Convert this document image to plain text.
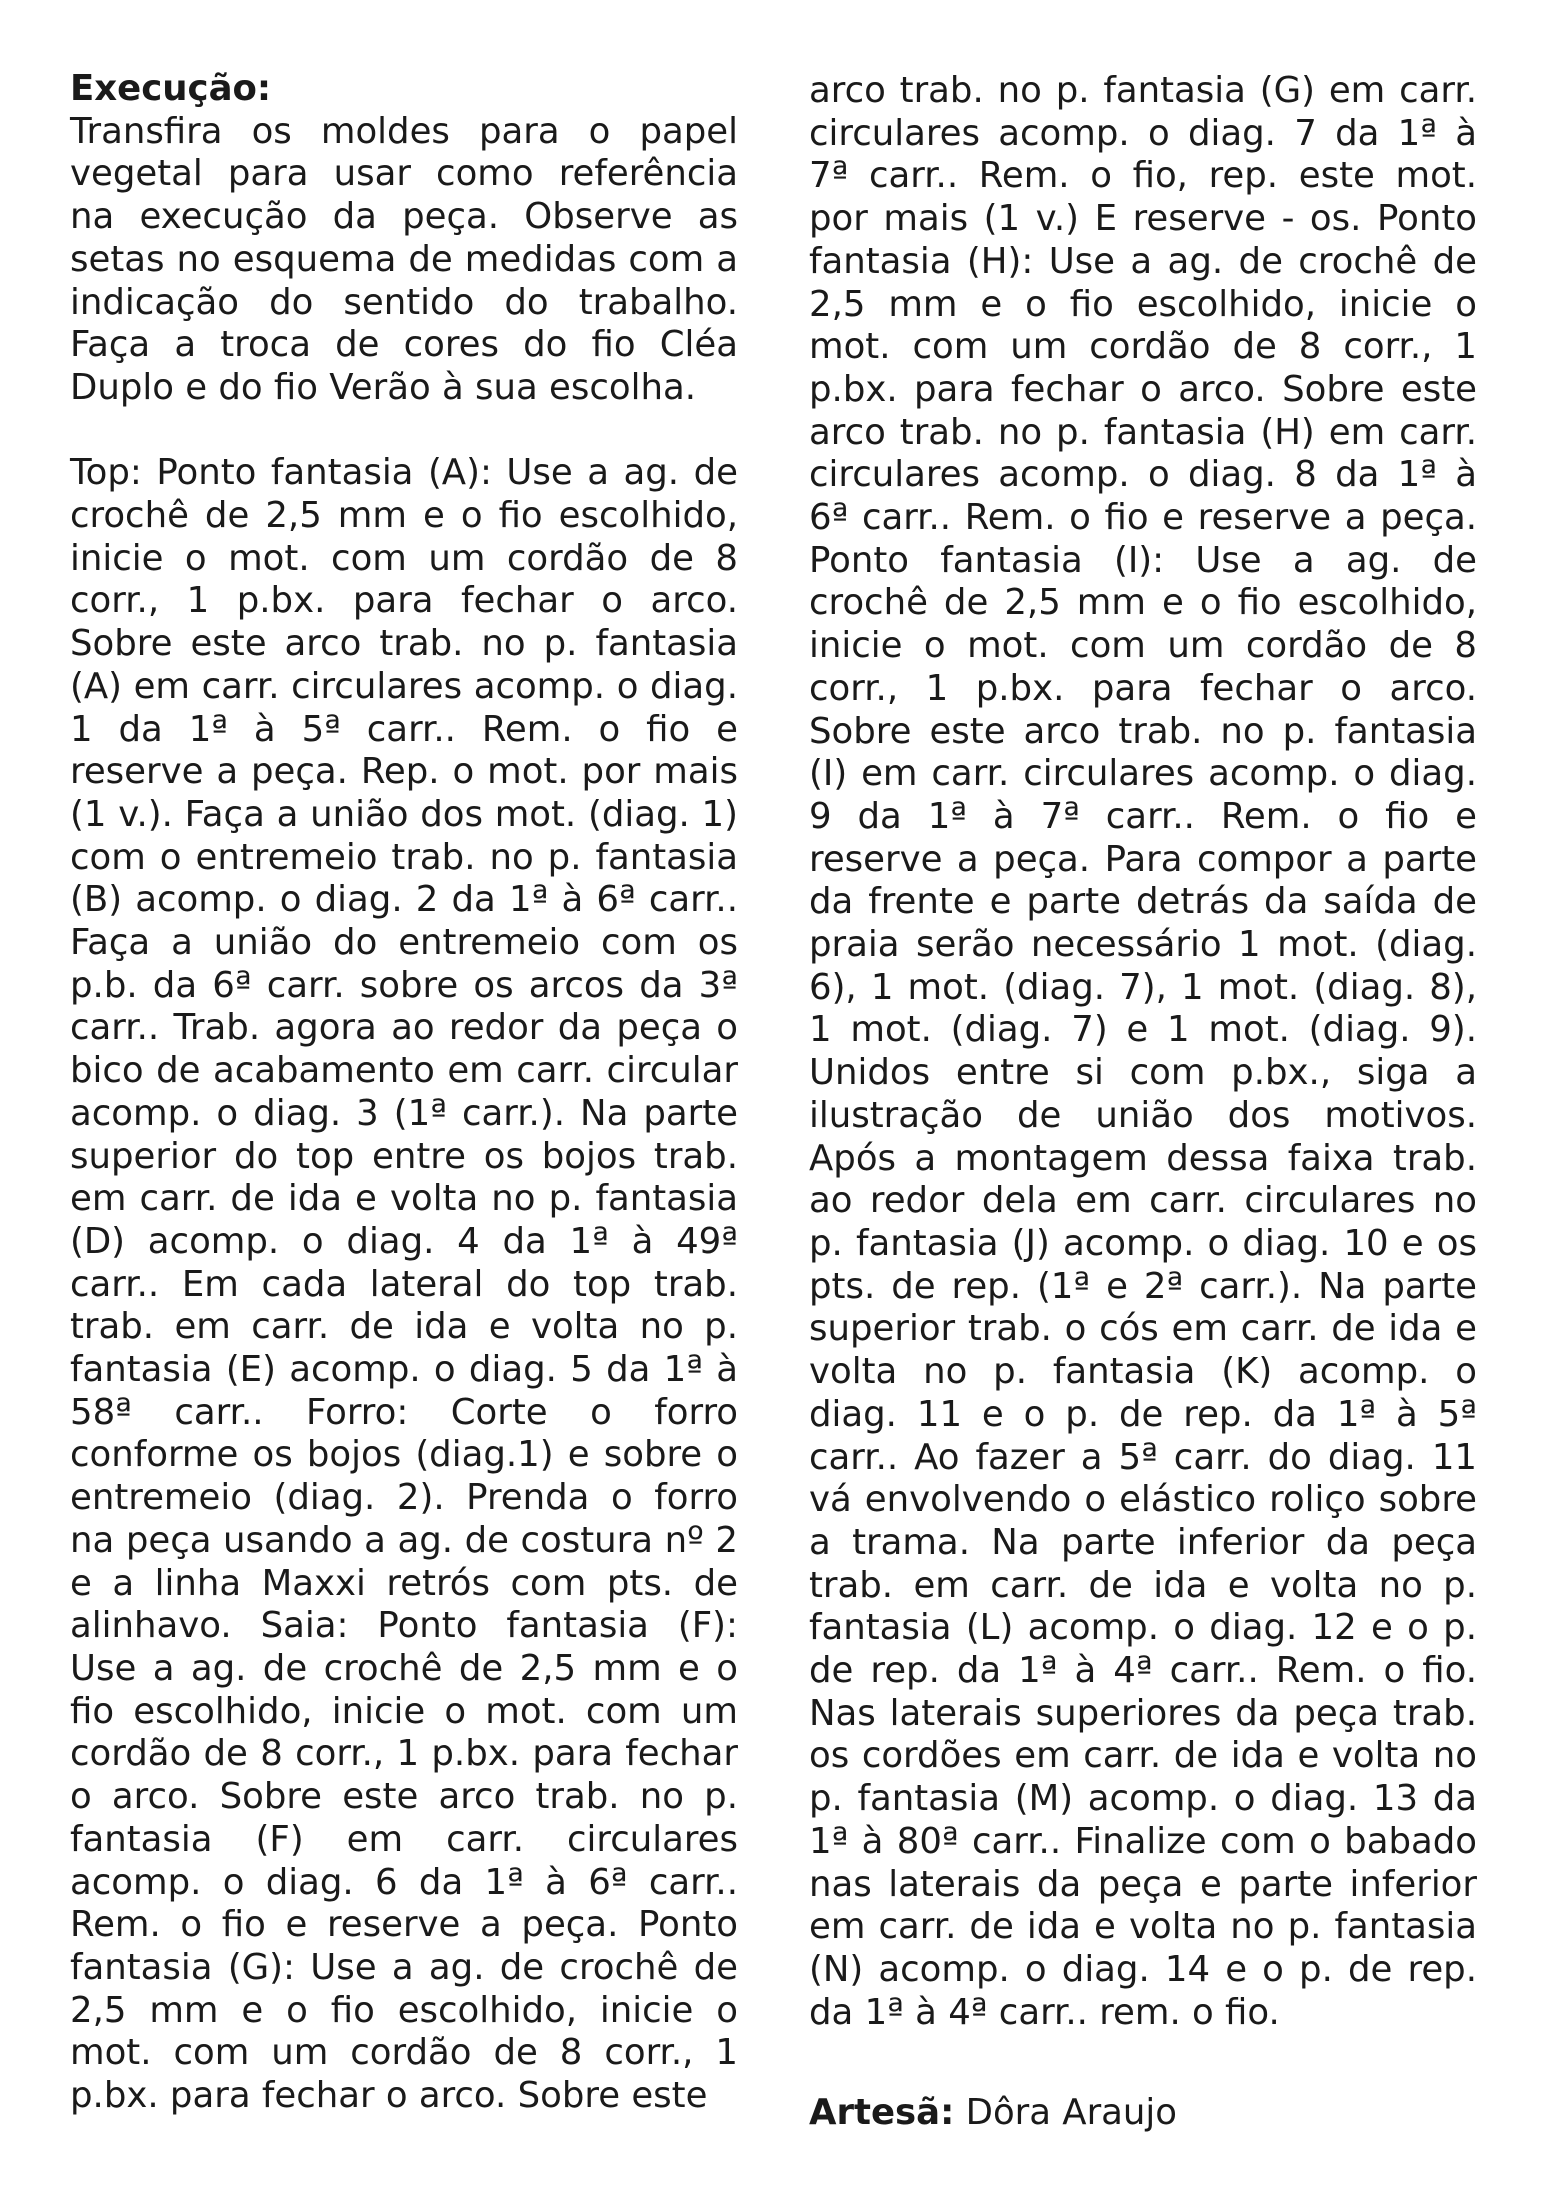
Execução:

Transfira os moldes para o papel vegetal para usar como referência na execução da peça. Observe as setas no esquema de medidas com a indicação do sentido do trabalho. Faça a troca de cores do fio Cléa Duplo e do fio Verão à sua escolha.

Top: Ponto fantasia (A): Use a ag. de crochê de 2,5 mm e o fio escolhido, inicie o mot. com um cordão de 8 corr., 1 p.bx. para fechar o arco. Sobre este arco trab. no p. fantasia (A) em carr. circulares acomp. o diag. 1 da 1ª à 5ª carr.. Rem. o fio e reserve a peça. Rep. o mot. por mais (1 v.). Faça a união dos mot. (diag. 1) com o entremeio trab. no p. fantasia (B) acomp. o diag. 2 da 1ª à 6ª carr.. Faça a união do entremeio com os p.b. da 6ª carr. sobre os arcos da 3ª carr.. Trab. agora ao redor da peça o bico de acabamento em carr. circular acomp. o diag. 3 (1ª carr.). Na parte superior do top entre os bojos trab. em carr. de ida e volta no p. fantasia (D) acomp. o diag. 4 da 1ª à 49ª carr.. Em cada lateral do top trab. trab. em carr. de ida e volta no p. fantasia (E) acomp. o diag. 5 da 1ª à 58ª carr.. Forro: Corte o forro conforme os bojos (diag.1) e sobre o entremeio (diag. 2). Prenda o forro na peça usando a ag. de costura nº 2 e a linha Maxxi retrós com pts. de alinhavo. Saia: Ponto fantasia (F): Use a ag. de crochê de 2,5 mm e o fio escolhido, inicie o mot. com um cordão de 8 corr., 1 p.bx. para fechar o arco. Sobre este arco trab. no p. fantasia (F) em carr. circulares acomp. o diag. 6 da 1ª à 6ª carr.. Rem. o fio e reserve a peça. Ponto fantasia (G): Use a ag. de crochê de 2,5 mm e o fio escolhido, inicie o mot. com um cordão de 8 corr., 1 p.bx. para fechar o arco. Sobre este

arco trab. no p. fantasia (G) em carr. circulares acomp. o diag. 7 da 1ª à 7ª carr.. Rem. o fio, rep. este mot. por mais (1 v.) E reserve - os. Ponto fantasia (H): Use a ag. de crochê de 2,5 mm e o fio escolhido, inicie o mot. com um cordão de 8 corr., 1 p.bx. para fechar o arco. Sobre este arco trab. no p. fantasia (H) em carr. circulares acomp. o diag. 8 da 1ª à 6ª carr.. Rem. o fio e reserve a peça. Ponto fantasia (I): Use a ag. de crochê de 2,5 mm e o fio escolhido, inicie o mot. com um cordão de 8 corr., 1 p.bx. para fechar o arco. Sobre este arco trab. no p. fantasia (I) em carr. circulares acomp. o diag. 9 da 1ª à 7ª carr.. Rem. o fio e reserve a peça. Para compor a parte da frente e parte detrás da saída de praia serão necessário 1 mot. (diag. 6), 1 mot. (diag. 7), 1 mot. (diag. 8), 1 mot. (diag. 7) e 1 mot. (diag. 9). Unidos entre si com p.bx., siga a ilustração de união dos motivos. Após a montagem dessa faixa trab. ao redor dela em carr. circulares no p. fantasia (J) acomp. o diag. 10 e os pts. de rep. (1ª e 2ª carr.). Na parte superior trab. o cós em carr. de ida e volta no p. fantasia (K) acomp. o diag. 11 e o p. de rep. da 1ª à 5ª carr.. Ao fazer a 5ª carr. do diag. 11 vá envolvendo o elástico roliço sobre a trama. Na parte inferior da peça trab. em carr. de ida e volta no p. fantasia (L) acomp. o diag. 12 e o p. de rep. da 1ª à 4ª carr.. Rem. o fio. Nas laterais superiores da peça trab. os cordões em carr. de ida e volta no p. fantasia (M) acomp. o diag. 13 da 1ª à 80ª carr.. Finalize com o babado nas laterais da peça e parte inferior em carr. de ida e volta no p. fantasia (N) acomp. o diag. 14 e o p. de rep. da 1ª à 4ª carr.. rem. o fio.

Artesã: Dôra Araujo
